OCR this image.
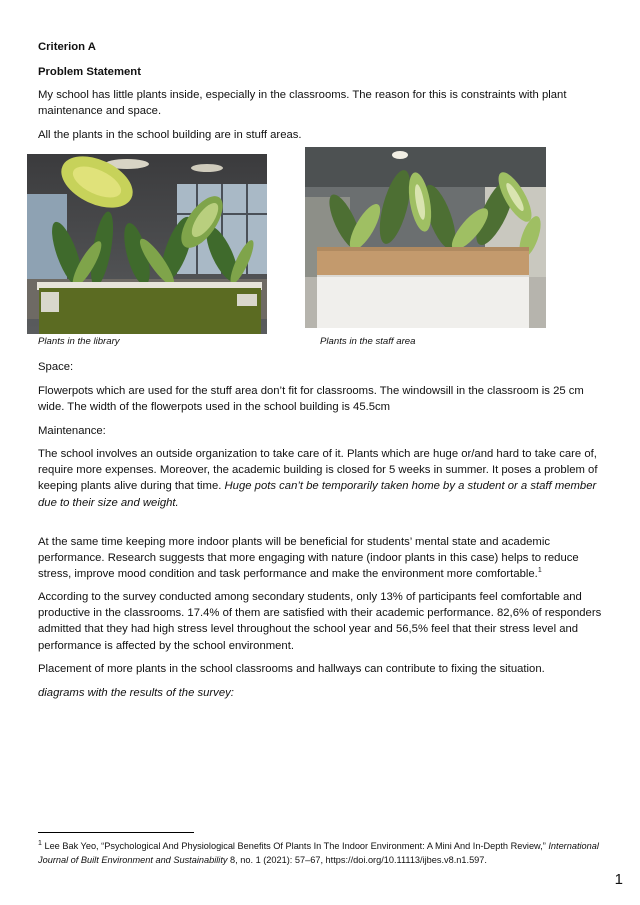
Criterion A

Problem Statement

My school has little plants inside, especially in the classrooms. The reason for this is constraints with plant maintenance and space.

All the plants in the school building are in stuff areas.

Plants in the library	Plants in the staff area

Space:

Flowerpots which are used for the stuff area don’t fit for classrooms. The windowsill in the classroom is 25 cm wide. The width of the flowerpots used in the school building is 45.5cm

Maintenance:

The school involves an outside organization to take care of it. Plants which are huge or/and hard to take care of, require more expenses. Moreover, the academic building is closed for 5 weeks in summer. It poses a problem of keeping plants alive during that time. Huge pots can’t be temporarily taken home by a student or a staff member due to their size and weight.

At the same time keeping more indoor plants will be beneficial for students’ mental state and academic performance. Research suggests that more engaging with nature (indoor plants in this case) helps to reduce stress, improve mood condition and task performance and make the environment more comfortable.$^1$

According to the survey conducted among secondary students, only 13% of participants feel comfortable and productive in the classrooms. 17.4% of them are satisfied with their academic performance. 82,6% of responders admitted that they had high stress level throughout the school year and 56,5% feel that their stress level and performance is affected by the school environment.

Placement of more plants in the school classrooms and hallways can contribute to fixing the situation.

diagrams with the results of the survey:

$^1$ Lee Bak Yeo, “Psychological And Physiological Benefits Of Plants In The Indoor Environment: A Mini And In-Depth Review,” International Journal of Built Environment and Sustainability 8, no. 1 (2021): 57–67, https://doi.org/10.11113/ijbes.v8.n1.597.

1
